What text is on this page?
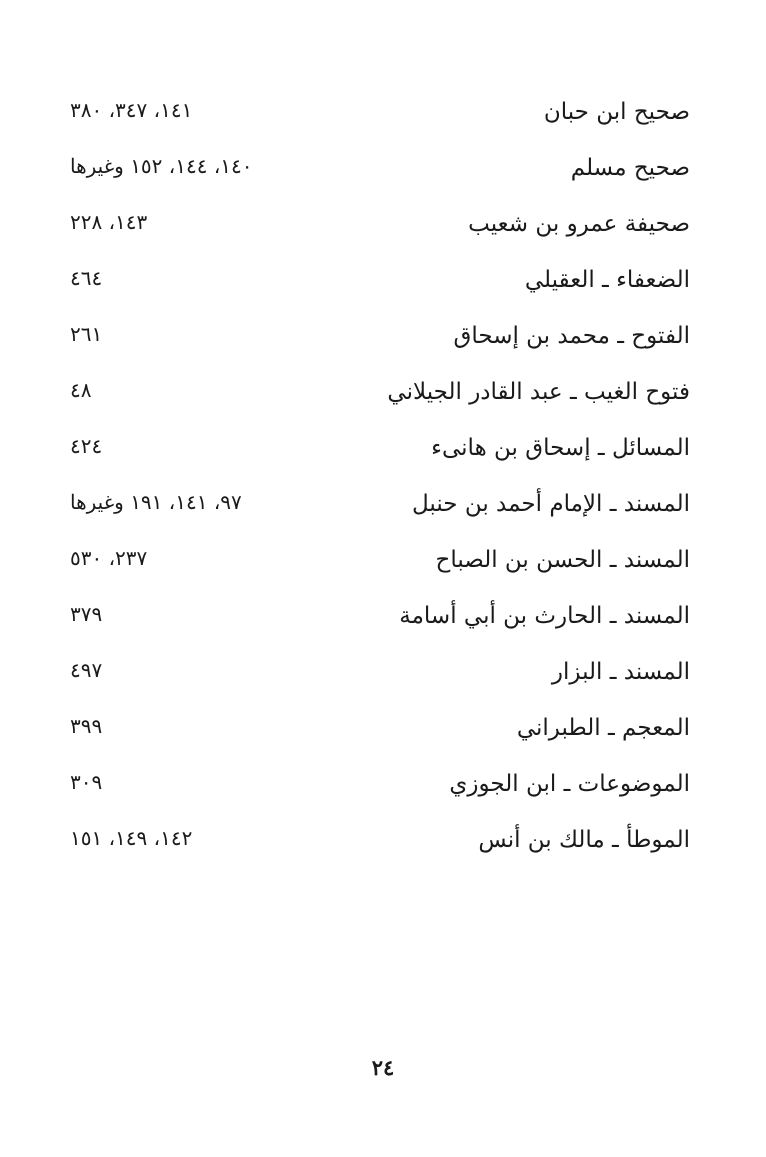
صحيح ابن حبان
١٤١، ٣٤٧، ٣٨٠
صحيح مسلم
١٤٠، ١٤٤، ١٥٢ وغيرها
صحيفة عمرو بن شعيب
١٤٣، ٢٢٨
الضعفاء ـ العقيلي
٤٦٤
الفتوح ـ محمد بن إسحاق
٢٦١
فتوح الغيب ـ عبد القادر الجيلاني
٤٨
المسائل ـ إسحاق بن هانىء
٤٢٤
المسند ـ الإمام أحمد بن حنبل
٩٧، ١٤١، ١٩١ وغيرها
المسند ـ الحسن بن الصباح
٢٣٧، ٥٣٠
المسند ـ الحارث بن أبي أسامة
٣٧٩
المسند ـ البزار
٤٩٧
المعجم ـ الطبراني
٣٩٩
الموضوعات ـ ابن الجوزي
٣٠٩
الموطأ ـ مالك بن أنس
١٤٢، ١٤٩، ١٥١
٢٤
